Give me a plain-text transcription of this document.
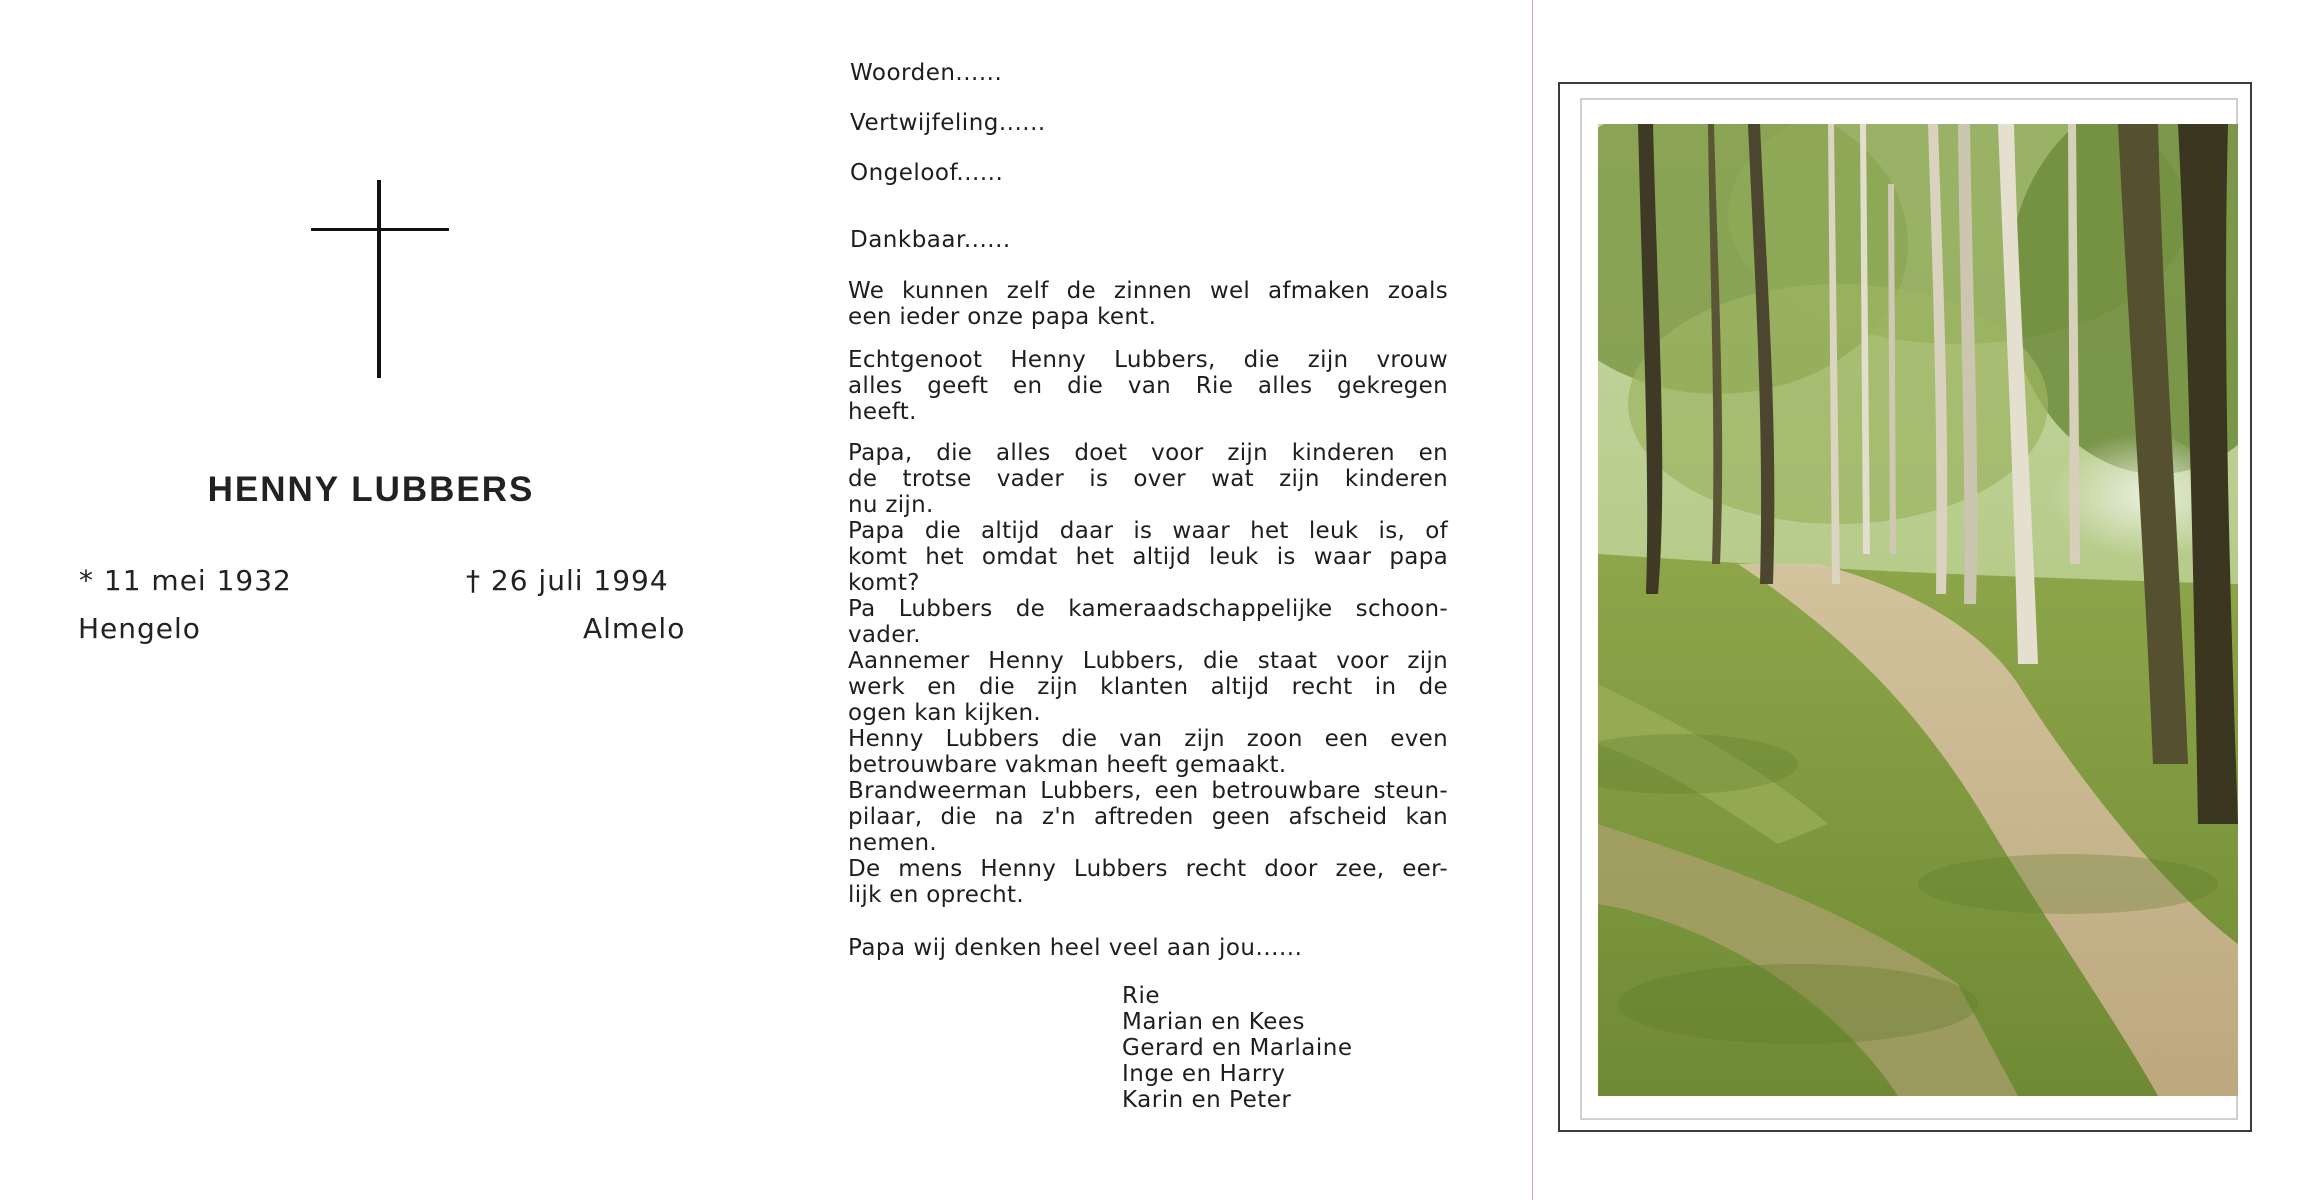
HENNY LUBBERS
* 11 mei 1932	† 26 juli 1994
Hengelo	Almelo
Woorden......
Vertwijfeling......
Ongeloof......
Dankbaar......
We kunnen zelf de zinnen wel afmaken zoals
een ieder onze papa kent.
Echtgenoot Henny Lubbers, die zijn vrouw
alles geeft en die van Rie alles gekregen
heeft.
Papa, die alles doet voor zijn kinderen en
de trotse vader is over wat zijn kinderen
nu zijn.
Papa die altijd daar is waar het leuk is, of
komt het omdat het altijd leuk is waar papa
komt?
Pa Lubbers de kameraadschappelijke schoon-
vader.
Aannemer Henny Lubbers, die staat voor zijn
werk en die zijn klanten altijd recht in de
ogen kan kijken.
Henny Lubbers die van zijn zoon een even
betrouwbare vakman heeft gemaakt.
Brandweerman Lubbers, een betrouwbare steun-
pilaar, die na z'n aftreden geen afscheid kan
nemen.
De mens Henny Lubbers recht door zee, eer-
lijk en oprecht.
Papa wij denken heel veel aan jou......
Rie
Marian en Kees
Gerard en Marlaine
Inge en Harry
Karin en Peter
